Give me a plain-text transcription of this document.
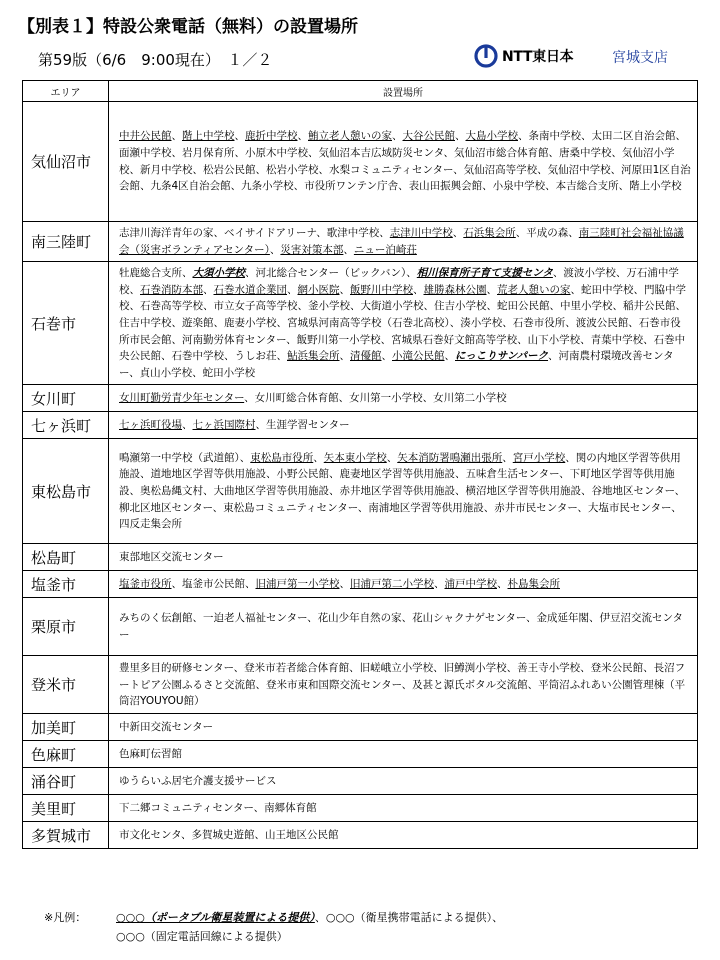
【別表１】特設公衆電話（無料）の設置場所
第59版（6/6　9:00現在）　１／２	NTT東日本	宮城支店
エリア	設置場所
気仙沼市	中井公民館、階上中学校、鹿折中学校、鮪立老人憩いの家、大谷公民館、大島小学校、条南中学校、太田二区自治会館、面瀬中学校、岩月保育所、小原木中学校、気仙沼本吉広域防災センタ、気仙沼市総合体育館、唐桑中学校、気仙沼小学校、新月中学校、松岩公民館、松岩小学校、水梨コミュニティセンター、気仙沼高等学校、気仙沼中学校、河原田1区自治会館、九条4区自治会館、九条小学校、市役所ワンテン庁舎、表山田振興会館、小泉中学校、本吉総合支所、階上小学校
南三陸町	志津川海洋青年の家、ベイサイドアリーナ、歌津中学校、志津川中学校、石浜集会所、平成の森、南三陸町社会福祉協議会（災害ボランティアセンター）、災害対策本部、ニュー泊崎荘
石巻市	牡鹿総合支所、大須小学校、河北総合センター（ビックバン）、相川保育所子育て支援センタ、渡波小学校、万石浦中学校、石巻消防本部、石巻水道企業団、網小医院、飯野川中学校、雄勝森林公園、荒老人憩いの家、蛇田中学校、門脇中学校、石巻高等学校、市立女子高等学校、釜小学校、大街道小学校、住吉小学校、蛇田公民館、中里小学校、稲井公民館、住吉中学校、遊楽館、鹿妻小学校、宮城県河南高等学校（石巻北高校）、湊小学校、石巻市役所、渡波公民館、石巻市役所市民会館、河南勤労体育センター、飯野川第一小学校、宮城県石巻好文館高等学校、山下小学校、青葉中学校、石巻中央公民館、石巻中学校、うしお荘、鮎浜集会所、清優館、小滝公民館、にっこりサンパーク、河南農村環境改善センター、貞山小学校、蛇田小学校
女川町	女川町勤労青少年センター、女川町総合体育館、女川第一小学校、女川第二小学校
七ヶ浜町	七ヶ浜町役場、七ヶ浜国際村、生涯学習センター
東松島市	鳴瀬第一中学校（武道館）、東松島市役所、矢本東小学校、矢本消防署鳴瀬出張所、宮戸小学校、関の内地区学習等供用施設、道地地区学習等供用施設、小野公民館、鹿妻地区学習等供用施設、五味倉生活センター、下町地区学習等供用施設、奥松島縄文村、大曲地区学習等供用施設、赤井地区学習等供用施設、横沼地区学習等供用施設、谷地地区センター、柳北区地区センター、東松島コミュニティセンター、南浦地区学習等供用施設、赤井市民センター、大塩市民センター、四反走集会所
松島町	東部地区交流センター
塩釜市	塩釜市役所、塩釜市公民館、旧浦戸第一小学校、旧浦戸第二小学校、浦戸中学校、朴島集会所
栗原市	みちのく伝創館、一迫老人福祉センター、花山少年自然の家、花山シャクナゲセンター、金成延年閣、伊豆沼交流センター
登米市	豊里多目的研修センター、登米市若者総合体育館、旧嵯峨立小学校、旧鱒渕小学校、善王寺小学校、登米公民館、長沼フートピア公園ふるさと交流館、登米市東和国際交流センター、及甚と源氏ボタル交流館、平筒沼ふれあい公園管理棟（平筒沼YOUYOU館）
加美町	中新田交流センター
色麻町	色麻町伝習館
涌谷町	ゆうらいふ居宅介護支援サービス
美里町	下二郷コミュニティセンター、南郷体育館
多賀城市	市文化センタ、多賀城史遊館、山王地区公民館
※凡例：	○○○（ポータブル衛星装置による提供）、○○○（衛星携帯電話による提供）、
○○○（固定電話回線による提供）
